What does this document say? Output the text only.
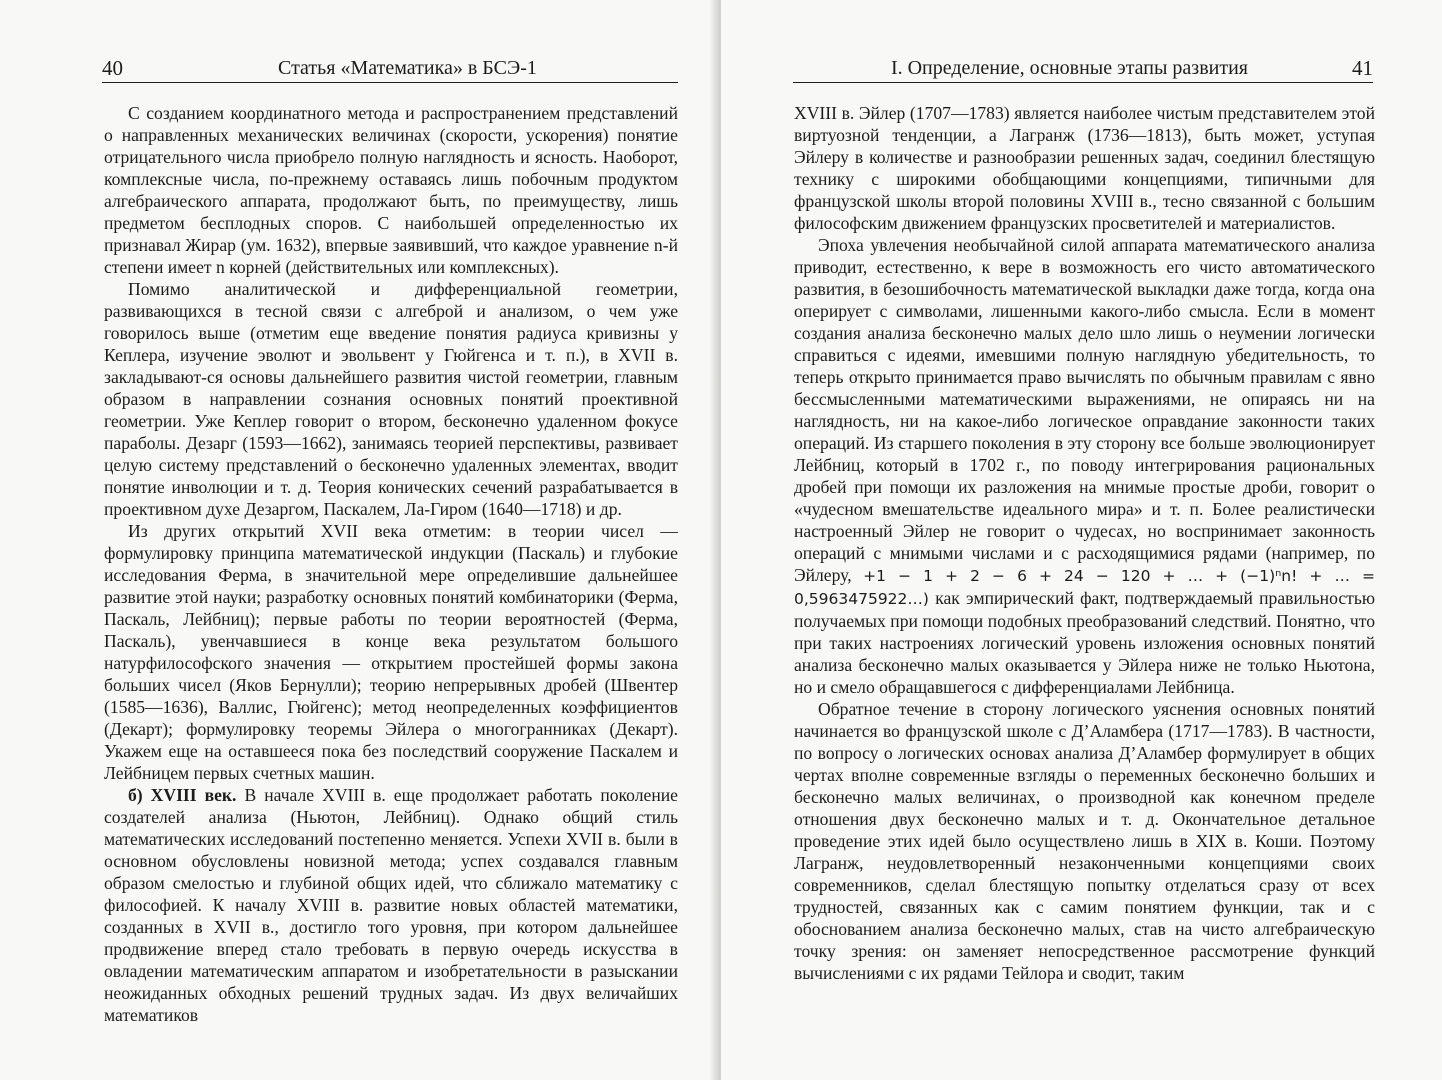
40	Статья «Математика» в БСЭ-1

С созданием координатного метода и распространением представлений о направленных механических величинах (скорости, ускорения) понятие отрицательного числа приобрело полную наглядность и ясность. Наоборот, комплексные числа, по-прежнему оставаясь лишь побочным продуктом алгебраического аппарата, продолжают быть, по преимуществу, лишь предметом бесплодных споров. С наибольшей определенностью их признавал Жирар (ум. 1632), впервые заявивший, что каждое уравнение n-й степени имеет n корней (действительных или комплексных).

Помимо аналитической и дифференциальной геометрии, развивающихся в тесной связи с алгеброй и анализом, о чем уже говорилось выше (отметим еще введение понятия радиуса кривизны у Кеплера, изучение эволют и эвольвент у Гюйгенса и т. п.), в XVII в. закладывают-ся основы дальнейшего развития чистой геометрии, главным образом в направлении сознания основных понятий проективной геометрии. Уже Кеплер говорит о втором, бесконечно удаленном фокусе параболы. Дезарг (1593—1662), занимаясь теорией перспективы, развивает целую систему представлений о бесконечно удаленных элементах, вводит понятие инволюции и т. д. Теория конических сечений разрабатывается в проективном духе Дезаргом, Паскалем, Ла-Гиром (1640—1718) и др.

Из других открытий XVII века отметим: в теории чисел — формулировку принципа математической индукции (Паскаль) и глубокие исследования Ферма, в значительной мере определившие дальнейшее развитие этой науки; разработку основных понятий комбинаторики (Ферма, Паскаль, Лейбниц); первые работы по теории вероятностей (Ферма, Паскаль), увенчавшиеся в конце века результатом большого натурфилософского значения — открытием простейшей формы закона больших чисел (Яков Бернулли); теорию непрерывных дробей (Швентер (1585—1636), Валлис, Гюйгенс); метод неопределенных коэффициентов (Декарт); формулировку теоремы Эйлера о многогранниках (Декарт). Укажем еще на оставшееся пока без последствий сооружение Паскалем и Лейбницем первых счетных машин.

б) XVIII век. В начале XVIII в. еще продолжает работать поколение создателей анализа (Ньютон, Лейбниц). Однако общий стиль математических исследований постепенно меняется. Успехи XVII в. были в основном обусловлены новизной метода; успех создавался главным образом смелостью и глубиной общих идей, что сближало математику с философией. К началу XVIII в. развитие новых областей математики, созданных в XVII в., достигло того уровня, при котором дальнейшее продвижение вперед стало требовать в первую очередь искусства в овладении математическим аппаратом и изобретательности в разыскании неожиданных обходных решений трудных задач. Из двух величайших математиков

I. Определение, основные этапы развития	41

XVIII в. Эйлер (1707—1783) является наиболее чистым представителем этой виртуозной тенденции, а Лагранж (1736—1813), быть может, уступая Эйлеру в количестве и разнообразии решенных задач, соединил блестящую технику с широкими обобщающими концепциями, типичными для французской школы второй половины XVIII в., тесно связанной с большим философским движением французских просветителей и материалистов.

Эпоха увлечения необычайной силой аппарата математического анализа приводит, естественно, к вере в возможность его чисто автоматического развития, в безошибочность математической выкладки даже тогда, когда она оперирует с символами, лишенными какого-либо смысла. Если в момент создания анализа бесконечно малых дело шло лишь о неумении логически справиться с идеями, имевшими полную наглядную убедительность, то теперь открыто принимается право вычислять по обычным правилам с явно бессмысленными математическими выражениями, не опираясь ни на наглядность, ни на какое-либо логическое оправдание законности таких операций. Из старшего поколения в эту сторону все больше эволюционирует Лейбниц, который в 1702 г., по поводу интегрирования рациональных дробей при помощи их разложения на мнимые простые дроби, говорит о «чудесном вмешательстве идеального мира» и т. п. Более реалистически настроенный Эйлер не говорит о чудесах, но воспринимает законность операций с мнимыми числами и с расходящимися рядами (например, по Эйлеру, +1 − 1 + 2 − 6 + 24 − 120 + … + (−1)ⁿn! + … = 0,5963475922…) как эмпирический факт, подтверждаемый правильностью получаемых при помощи подобных преобразований следствий. Понятно, что при таких настроениях логический уровень изложения основных понятий анализа бесконечно малых оказывается у Эйлера ниже не только Ньютона, но и смело обращавшегося с дифференциалами Лейбница.

Обратное течение в сторону логического уяснения основных понятий начинается во французской школе с Д’Аламбера (1717—1783). В частности, по вопросу о логических основах анализа Д’Аламбер формулирует в общих чертах вполне современные взгляды о переменных бесконечно больших и бесконечно малых величинах, о производной как конечном пределе отношения двух бесконечно малых и т. д. Окончательное детальное проведение этих идей было осуществлено лишь в XIX в. Коши. Поэтому Лагранж, неудовлетворенный незаконченными концепциями своих современников, сделал блестящую попытку отделаться сразу от всех трудностей, связанных как с самим понятием функции, так и с обоснованием анализа бесконечно малых, став на чисто алгебраическую точку зрения: он заменяет непосредственное рассмотрение функций вычислениями с их рядами Тейлора и сводит, таким
